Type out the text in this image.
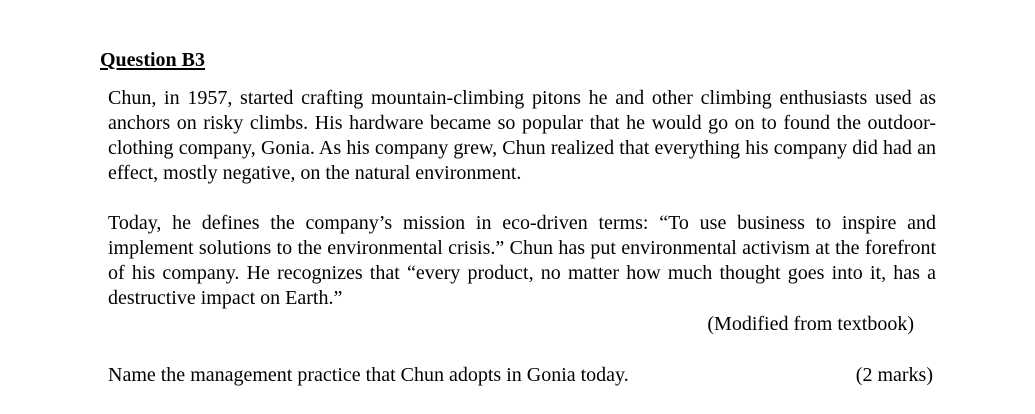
Question B3

Chun, in 1957, started crafting mountain-climbing pitons he and other climbing enthusiasts used as anchors on risky climbs. His hardware became so popular that he would go on to found the outdoor-clothing company, Gonia. As his company grew, Chun realized that everything his company did had an effect, mostly negative, on the natural environment.

Today, he defines the company’s mission in eco-driven terms: “To use business to inspire and implement solutions to the environmental crisis.” Chun has put environmental activism at the forefront of his company. He recognizes that “every product, no matter how much thought goes into it, has a destructive impact on Earth.”

(Modified from textbook)

Name the management practice that Chun adopts in Gonia today.	(2 marks)
